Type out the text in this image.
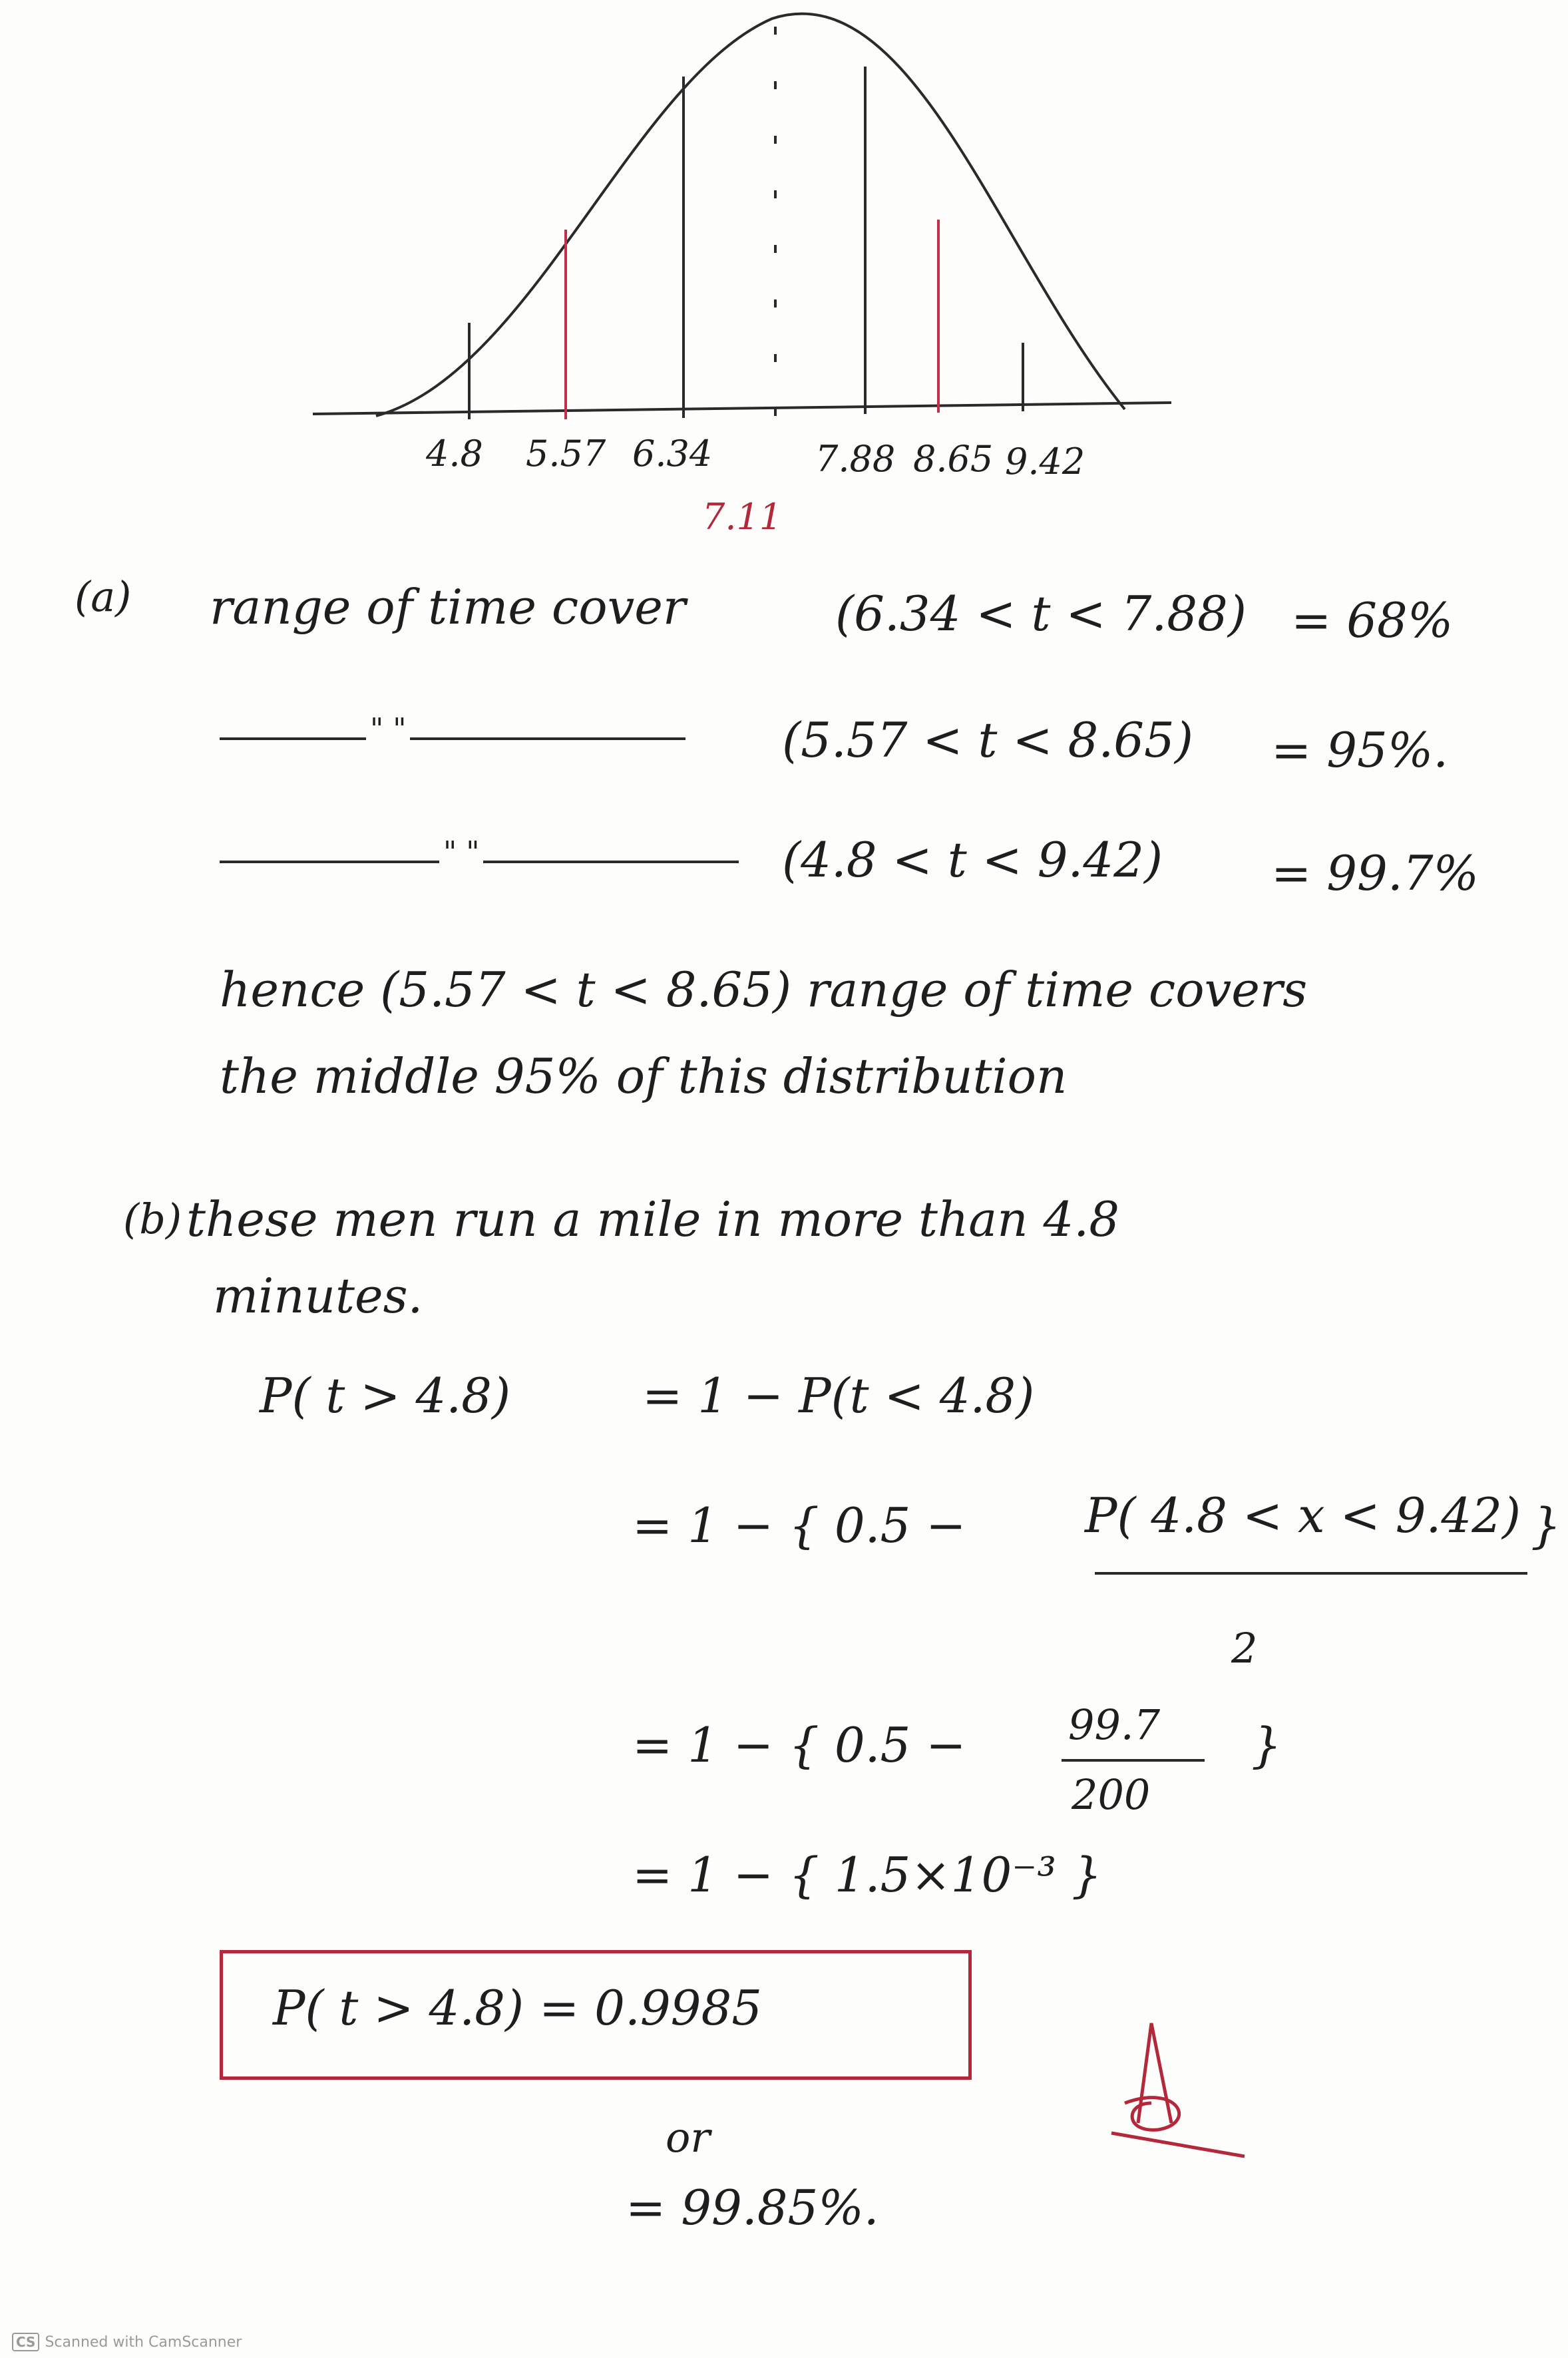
4.8 5.57 6.34	7.88 8.65 9.42
7.11
(a) range of time cover	(6.34 < t < 7.88) = 68%
" "	(5.57 < t < 8.65) = 95%.
" "	(4.8 < t < 9.42) = 99.7%
hence (5.57 < t < 8.65) range of time covers
the middle 95% of this distribution
(b) these men run a mile in more than 4.8
minutes.
P( t > 4.8)	= 1 − P(t < 4.8)
= 1 − { 0.5 − P( 4.8 < x < 9.42)
2
}
= 1 − { 0.5 − 99.7
200
}
= 1 − { 1.5×10⁻³ }
P( t > 4.8) = 0.9985
or
= 99.85%.
CS Scanned with CamScanner
